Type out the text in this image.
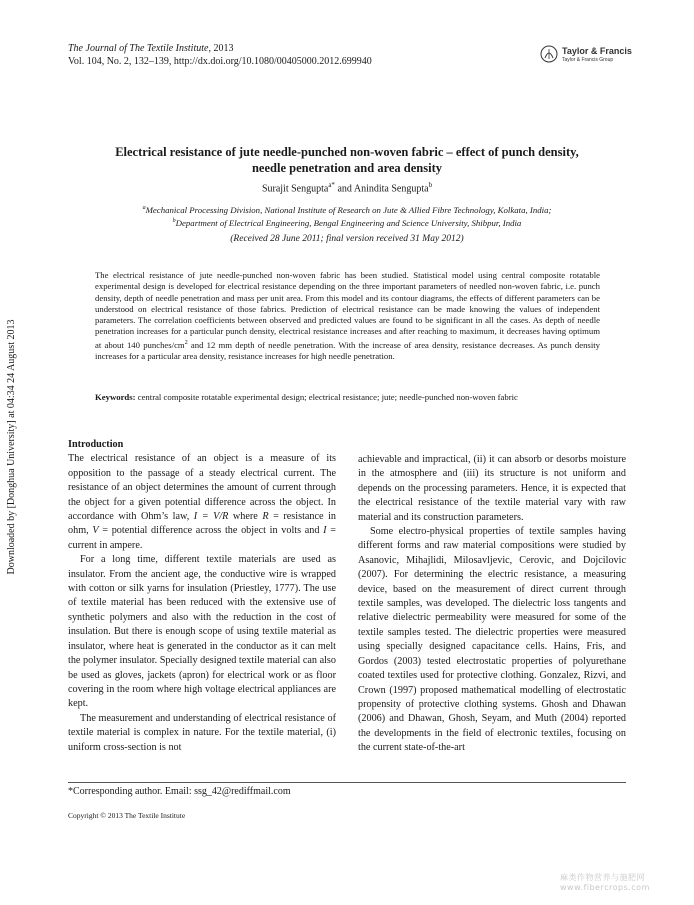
The Journal of The Textile Institute, 2013
Vol. 104, No. 2, 132–139, http://dx.doi.org/10.1080/00405000.2012.699940
Taylor & Francis
Taylor & Francis Group
Electrical resistance of jute needle-punched non-woven fabric – effect of punch density,
needle penetration and area density
Surajit Sengupta$^{a*}$ and Anindita Sengupta$^b$
$^a$Mechanical Processing Division, National Institute of Research on Jute & Allied Fibre Technology, Kolkata, India;
$^b$Department of Electrical Engineering, Bengal Engineering and Science University, Shibpur, India
(Received 28 June 2011; final version received 31 May 2012)
The electrical resistance of jute needle-punched non-woven fabric has been studied. Statistical model using central composite rotatable experimental design is developed for electrical resistance depending on the three important parameters of needled non-woven fabric, i.e. punch density, depth of needle penetration and mass per unit area. From this model and its contour diagrams, the effects of different parameters can be understood on electrical resistance of those fabrics. Prediction of electrical resistance can be made knowing the values of independent parameters. The correlation coefficients between observed and predicted values are found to be significant in all the cases. As depth of needle penetration increases for a particular punch density, electrical resistance increases and after reaching to maximum, it decreases having optimum at about 140 punches/$cm^2$ and 12 mm depth of needle penetration. With the increase of area density, resistance decreases. As punch density increases for a particular area density, resistance increases for high needle penetration.
Keywords: central composite rotatable experimental design; electrical resistance; jute; needle-punched non-woven fabric
Downloaded by [Donghua University] at 04:34 24 August 2013	Introduction

The electrical resistance of an object is a measure of its opposition to the passage of a steady electrical current. The resistance of an object determines the amount of current through the object for a given potential difference across the object. In accordance with Ohm’s law, I = V/R where R = resistance in ohm, V = potential difference across the object in volts and I = current in ampere.

For a long time, different textile materials are used as insulator. From the ancient age, the conductive wire is wrapped with cotton or silk yarns for insulation (Priestley, 1777). The use of textile material has been reduced with the extensive use of synthetic polymers and also with the reduction in the cost of insulation. But there is enough scope of using textile material as insulator, where heat is generated in the conductor as it can melt the polymer insulator. Specially designed textile material can also be used as gloves, jackets (apron) for electrical work or as floor covering in the room where high voltage electrical appliances are kept.

The measurement and understanding of electrical resistance of textile material is complex in nature. For the textile material, (i) uniform cross-section is not

achievable and impractical, (ii) it can absorb or desorbs moisture in the atmosphere and (iii) its structure is not uniform and depends on the processing parameters. Hence, it is expected that the electrical resistance of the textile material vary with raw material and its construction parameters.

Some electro-physical properties of textile samples having different forms and raw material compositions were studied by Asanovic, Mihajlidi, Milosavljevic, Cerovic, and Dojcilovic (2007). For determining the electric resistance, a measuring device, based on the measurement of direct current through textile samples, was developed. The dielectric loss tangents and relative dielectric permeability were measured for some of the textile samples tested. The dielectric properties were measured using specially designed capacitance cells. Hains, Fris, and Gordos (2003) tested electrostatic properties of polyurethane coated textiles used for protective clothing. Gonzalez, Rizvi, and Crown (1997) proposed mathematical modelling of electrostatic propensity of protective clothing systems. Ghosh and Dhawan (2006) and Dhawan, Ghosh, Seyam, and Muth (2004) reported the developments in the field of electronic textiles, focusing on the current state-of-the-art

*Corresponding author. Email: ssg_42@rediffmail.com
Copyright © 2013 The Textile Institute
麻类作物营养与施肥网 www.fibercrops.com
